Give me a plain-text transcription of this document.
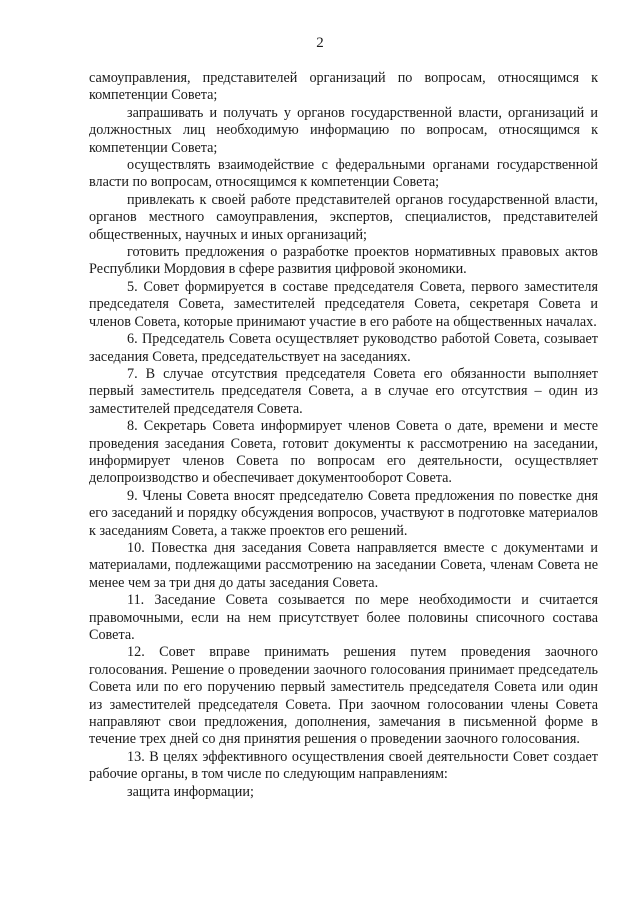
2

самоуправления, представителей организаций по вопросам, относящимся к компетенции Совета;

запрашивать и получать у органов государственной власти, организаций и должностных лиц необходимую информацию по вопросам, относящимся к компетенции Совета;

осуществлять взаимодействие с федеральными органами государственной власти по вопросам, относящимся к компетенции Совета;

привлекать к своей работе представителей органов государственной власти, органов местного самоуправления, экспертов, специалистов, представителей общественных, научных и иных организаций;

готовить предложения о разработке проектов нормативных правовых актов Республики Мордовия в сфере развития цифровой экономики.

5. Совет формируется в составе председателя Совета, первого заместителя председателя Совета, заместителей председателя Совета, секретаря Совета и членов Совета, которые принимают участие в его работе на общественных началах.

6. Председатель Совета осуществляет руководство работой Совета, созывает заседания Совета, председательствует на заседаниях.

7. В случае отсутствия председателя Совета его обязанности выполняет первый заместитель председателя Совета, а в случае его отсутствия – один из заместителей председателя Совета.

8. Секретарь Совета информирует членов Совета о дате, времени и месте проведения заседания Совета, готовит документы к рассмотрению на заседании, информирует членов Совета по вопросам его деятельности, осуществляет делопроизводство и обеспечивает документооборот Совета.

9. Члены Совета вносят председателю Совета предложения по повестке дня его заседаний и порядку обсуждения вопросов, участвуют в подготовке материалов к заседаниям Совета, а также проектов его решений.

10. Повестка дня заседания Совета направляется вместе с документами и материалами, подлежащими рассмотрению на заседании Совета, членам Совета не менее чем за три дня до даты заседания Совета.

11. Заседание Совета созывается по мере необходимости и считается правомочными, если на нем присутствует более половины списочного состава Совета.

12. Совет вправе принимать решения путем проведения заочного голосования. Решение о проведении заочного голосования принимает председатель Совета или по его поручению первый заместитель председателя Совета или один из заместителей председателя Совета. При заочном голосовании члены Совета направляют свои предложения, дополнения, замечания в письменной форме в течение трех дней со дня принятия решения о проведении заочного голосования.

13. В целях эффективного осуществления своей деятельности Совет создает рабочие органы, в том числе по следующим направлениям:

защита информации;
